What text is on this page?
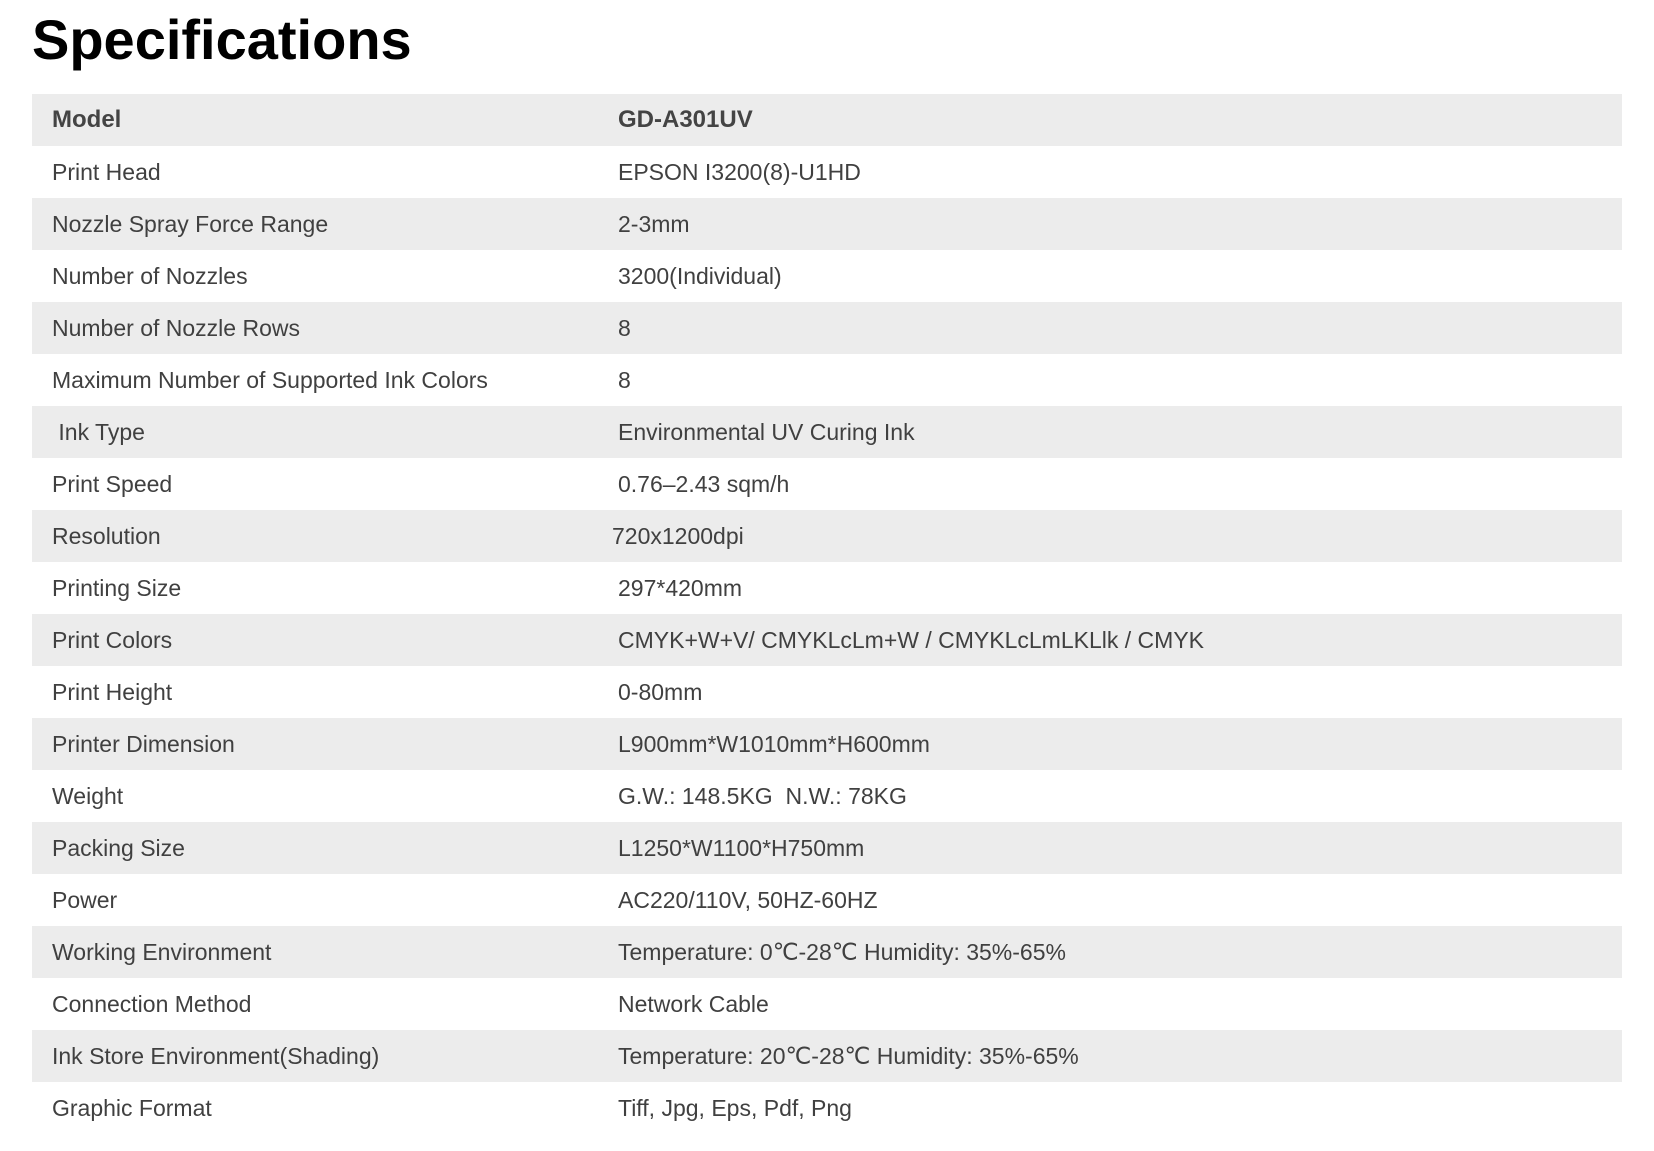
Specifications
Model	GD-A301UV
Print Head	EPSON I3200(8)-U1HD
Nozzle Spray Force Range	2-3mm
Number of Nozzles	3200(Individual)
Number of Nozzle Rows	8
Maximum Number of Supported Ink Colors	8
Ink Type	Environmental UV Curing Ink
Print Speed	0.76–2.43 sqm/h
Resolution	720x1200dpi
Printing Size	297*420mm
Print Colors	CMYK+W+V/ CMYKLcLm+W / CMYKLcLmLKLlk / CMYK
Print Height	0-80mm
Printer Dimension	L900mm*W1010mm*H600mm
Weight	G.W.: 148.5KG  N.W.: 78KG
Packing Size	L1250*W1100*H750mm
Power	AC220/110V, 50HZ-60HZ
Working Environment	Temperature: 0℃-28℃ Humidity: 35%-65%
Connection Method	Network Cable
Ink Store Environment(Shading)	Temperature: 20℃-28℃ Humidity: 35%-65%
Graphic Format	Tiff, Jpg, Eps, Pdf, Png
